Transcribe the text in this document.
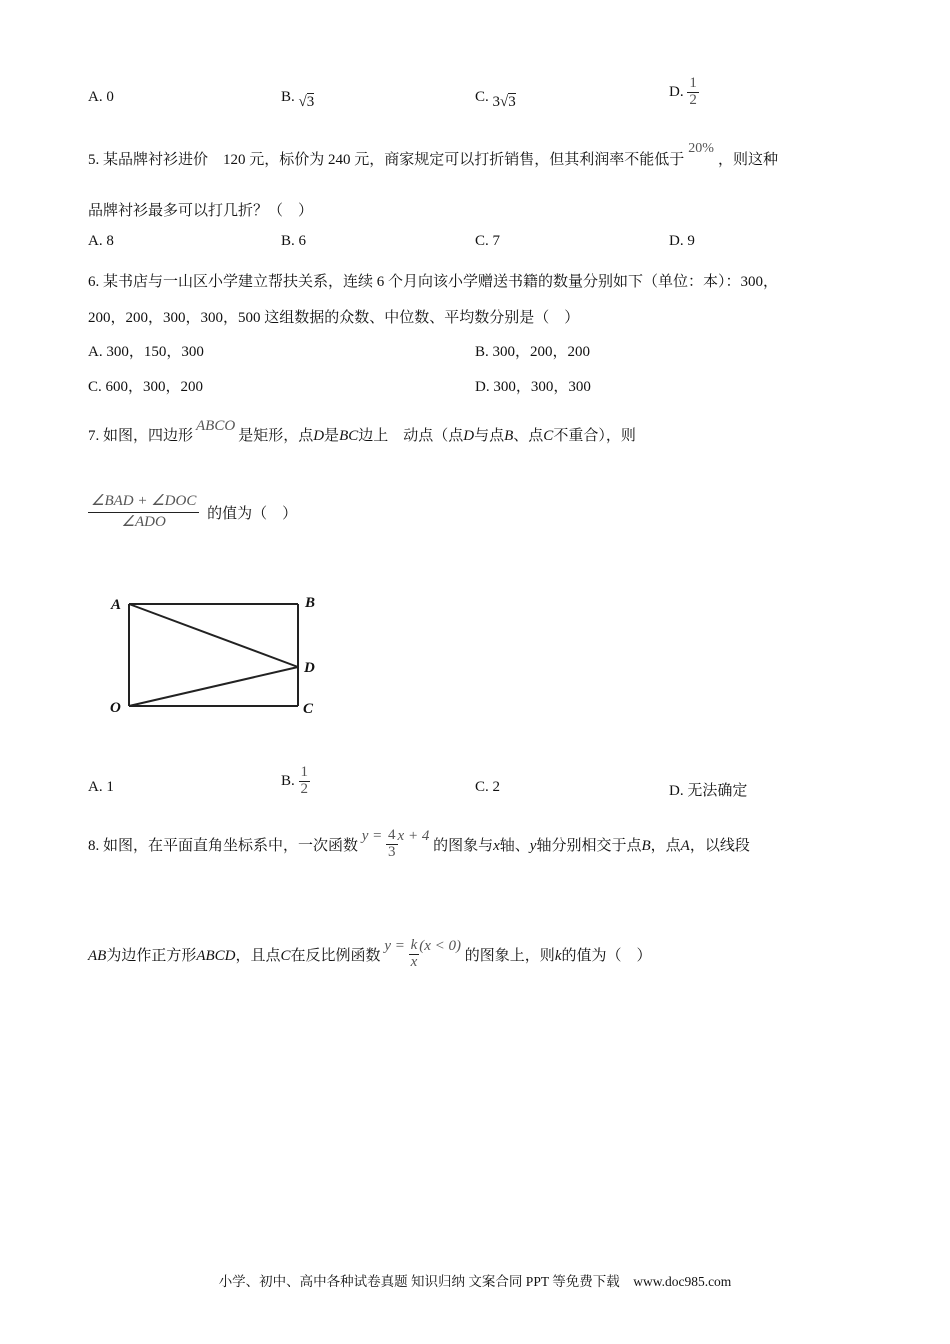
A. 0	B. √3	C. 3√3
D. $\frac{1}{2}$
5. 某品牌衬衫进价　120 元，标价为 240 元，商家规定可以打折销售，但其利润率不能低于20%，则这种
品牌衬衫最多可以打几折？（　）
A. 8	B. 6	C. 7	D. 9
6. 某书店与一山区小学建立帮扶关系，连续 6 个月向该小学赠送书籍的数量分别如下（单位：本）：300，
200，200，300，300，500 这组数据的众数、中位数、平均数分别是（　）
A. 300，150，300	B. 300，200，200
C. 600，300，200	D. 300，300，300
7. 如图，四边形ABCO是矩形，点D是BC边上　动点（点D与点B、点C不重合），则
$\frac{\text{∠BAD + ∠DOC}}{\text{∠ADO}}$ 的值为（　）
A	B
D
O	C
A. 1	B. $\frac{1}{2}$	C. 2	D. 无法确定
8. 如图，在平面直角坐标系中，一次函数 $y = \frac{4}{3}$ x + 4 的图象与x轴、y轴分别相交于点B，点A，以线段
AB为边作正方形ABCD，且点C在反比例函数 $y = \frac{k}{x} (x < 0)$ 的图象上，则k的值为（　）
小学、初中、高中各种试卷真题 知识归纳 文案合同 PPT 等免费下载　www.doc985.com
